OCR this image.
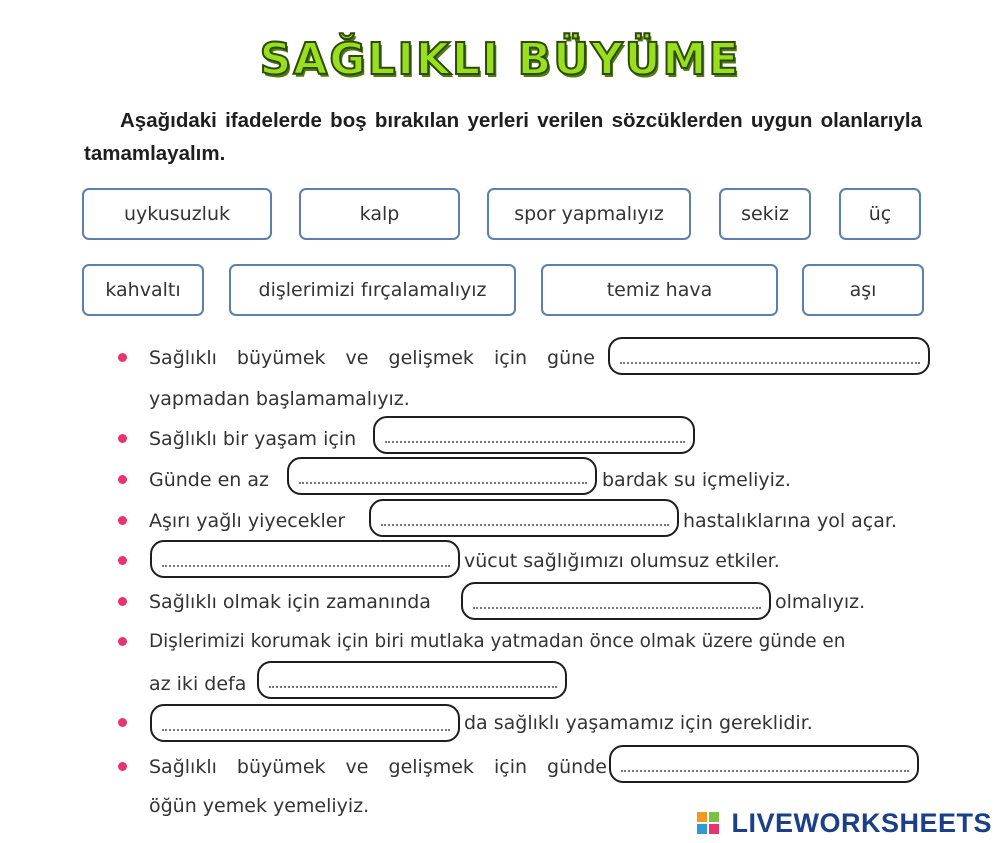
SAĞLIKLI BÜYÜME
Aşağıdaki ifadelerde boş bırakılan yerleri verilen sözcüklerden uygun olanlarıyla tamamlayalım.
uykusuzluk	kalp	spor yapmalıyız	sekiz	üç
kahvaltı	dişlerimizi fırçalamalıyız	temiz hava	aşı
Sağlıklı büyümek ve gelişmek için güne
yapmadan başlamamalıyız.
Sağlıklı bir yaşam için
Günde en az	bardak su içmeliyiz.
Aşırı yağlı yiyecekler	hastalıklarına yol açar.
vücut sağlığımızı olumsuz etkiler.
Sağlıklı olmak için zamanında	olmalıyız.
Dişlerimizi korumak için biri mutlaka yatmadan önce olmak üzere günde en
az iki defa
da sağlıklı yaşamamız için gereklidir.
Sağlıklı büyümek ve gelişmek için günde
öğün yemek yemeliyiz.
LIVEWORKSHEETS
